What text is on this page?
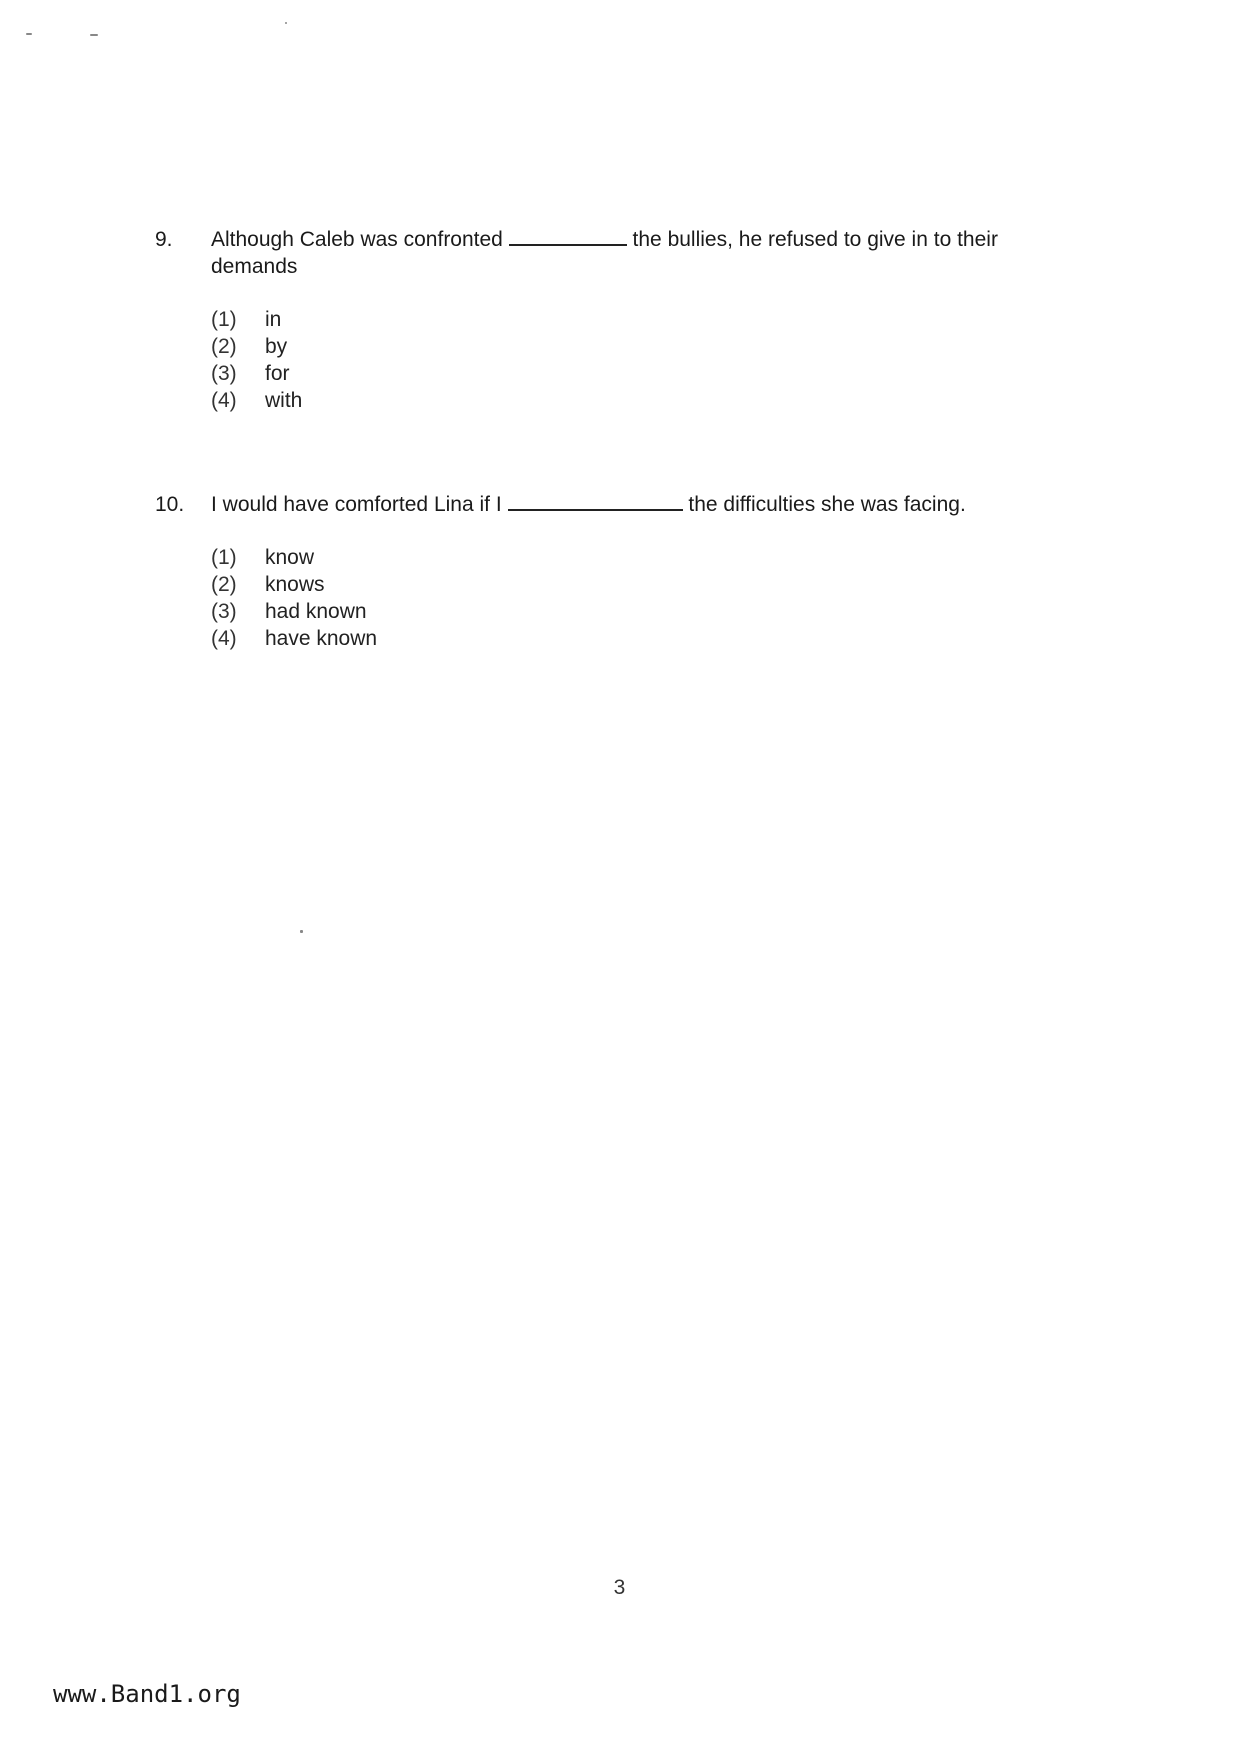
9.	Although Caleb was confronted	the bullies, he refused to give in to their demands
(1)	in
(2)	by
(3)	for
(4)	with
10.	I would have comforted Lina if I	the difficulties she was facing.
(1)	know
(2)	knows
(3)	had known
(4)	have known
3
www.Band1.org
